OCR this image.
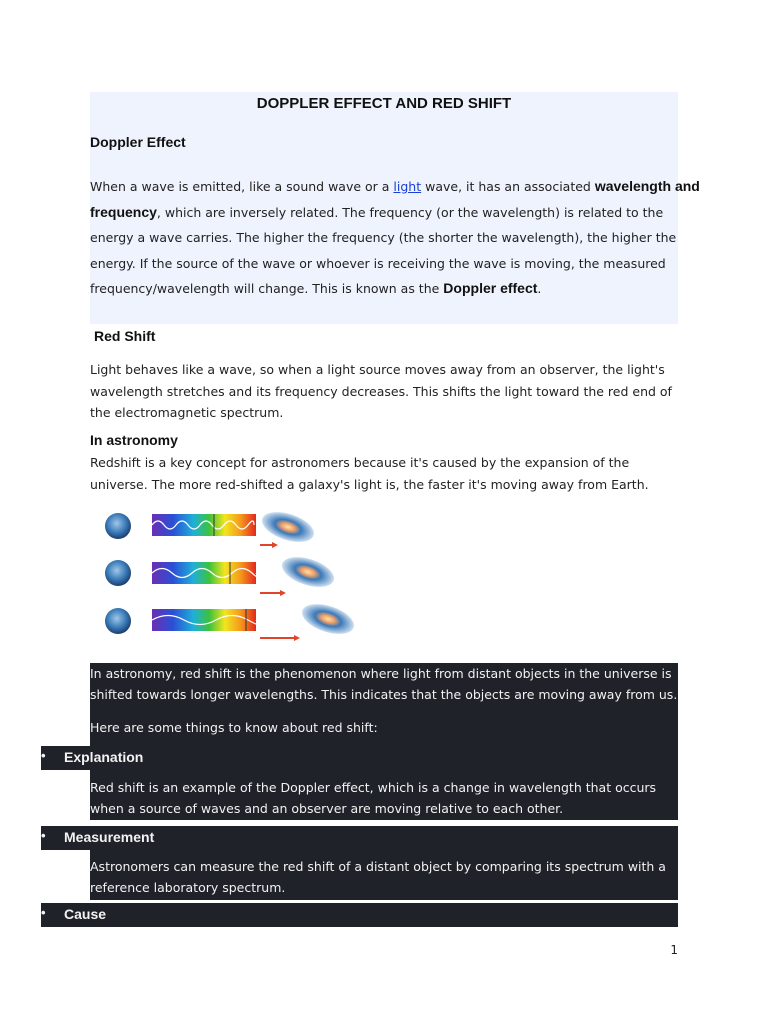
DOPPLER EFFECT AND RED SHIFT
Doppler Effect
When a wave is emitted, like a sound wave or a light wave, it has an associated wavelength and
frequency, which are inversely related. The frequency (or the wavelength) is related to the
energy a wave carries. The higher the frequency (the shorter the wavelength), the higher the
energy. If the source of the wave or whoever is receiving the wave is moving, the measured
frequency/wavelength will change. This is known as the Doppler effect.
Red Shift
Light behaves like a wave, so when a light source moves away from an observer, the light's
wavelength stretches and its frequency decreases. This shifts the light toward the red end of
the electromagnetic spectrum.
In astronomy
Redshift is a key concept for astronomers because it's caused by the expansion of the
universe. The more red-shifted a galaxy's light is, the faster it's moving away from Earth.
In astronomy, red shift is the phenomenon where light from distant objects in the universe is
shifted towards longer wavelengths. This indicates that the objects are moving away from us.
Here are some things to know about red shift:
• Explanation
Red shift is an example of the Doppler effect, which is a change in wavelength that occurs
when a source of waves and an observer are moving relative to each other.
• Measurement
Astronomers can measure the red shift of a distant object by comparing its spectrum with a
reference laboratory spectrum.
• Cause
1
